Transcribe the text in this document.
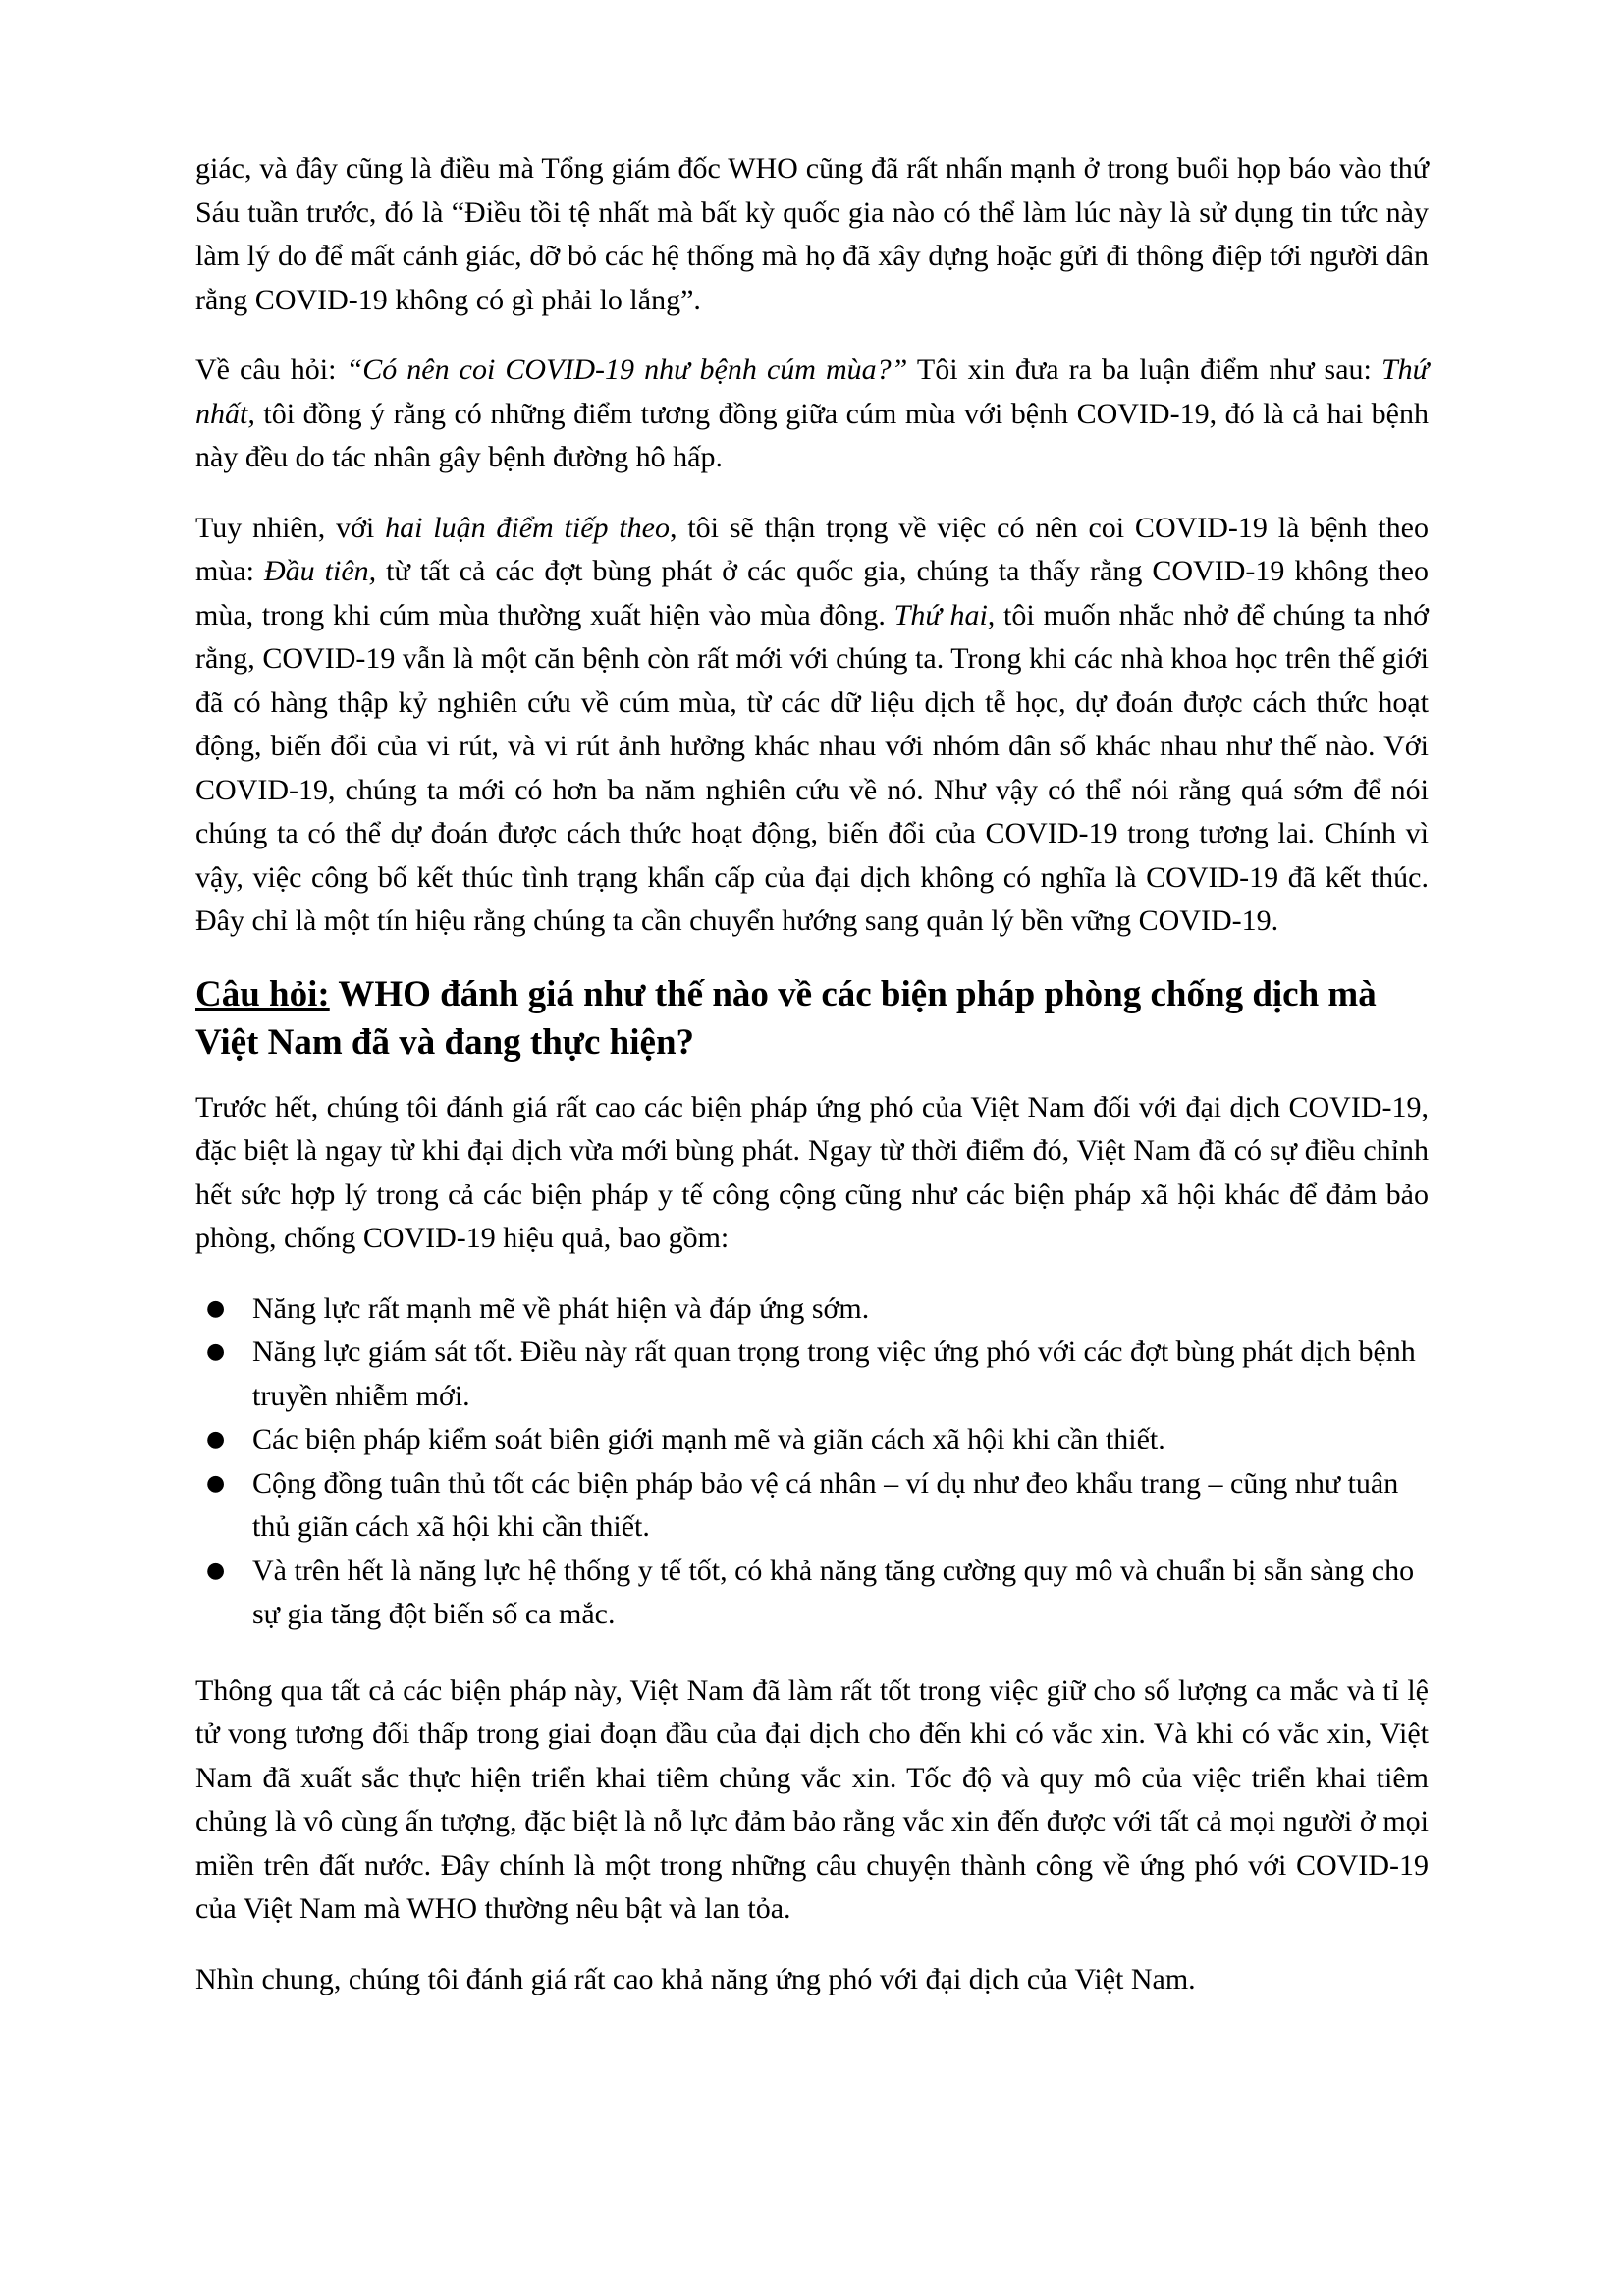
giác, và đây cũng là điều mà Tổng giám đốc WHO cũng đã rất nhấn mạnh ở trong buổi họp báo vào thứ Sáu tuần trước, đó là “Điều tồi tệ nhất mà bất kỳ quốc gia nào có thể làm lúc này là sử dụng tin tức này làm lý do để mất cảnh giác, dỡ bỏ các hệ thống mà họ đã xây dựng hoặc gửi đi thông điệp tới người dân rằng COVID-19 không có gì phải lo lắng”.

Về câu hỏi: “Có nên coi COVID-19 như bệnh cúm mùa?” Tôi xin đưa ra ba luận điểm như sau: Thứ nhất, tôi đồng ý rằng có những điểm tương đồng giữa cúm mùa với bệnh COVID-19, đó là cả hai bệnh này đều do tác nhân gây bệnh đường hô hấp.

Tuy nhiên, với hai luận điểm tiếp theo, tôi sẽ thận trọng về việc có nên coi COVID-19 là bệnh theo mùa: Đầu tiên, từ tất cả các đợt bùng phát ở các quốc gia, chúng ta thấy rằng COVID-19 không theo mùa, trong khi cúm mùa thường xuất hiện vào mùa đông. Thứ hai, tôi muốn nhắc nhở để chúng ta nhớ rằng, COVID-19 vẫn là một căn bệnh còn rất mới với chúng ta. Trong khi các nhà khoa học trên thế giới đã có hàng thập kỷ nghiên cứu về cúm mùa, từ các dữ liệu dịch tễ học, dự đoán được cách thức hoạt động, biến đổi của vi rút, và vi rút ảnh hưởng khác nhau với nhóm dân số khác nhau như thế nào. Với COVID-19, chúng ta mới có hơn ba năm nghiên cứu về nó. Như vậy có thể nói rằng quá sớm để nói chúng ta có thể dự đoán được cách thức hoạt động, biến đổi của COVID-19 trong tương lai. Chính vì vậy, việc công bố kết thúc tình trạng khẩn cấp của đại dịch không có nghĩa là COVID-19 đã kết thúc. Đây chỉ là một tín hiệu rằng chúng ta cần chuyển hướng sang quản lý bền vững COVID-19.

Câu hỏi: WHO đánh giá như thế nào về các biện pháp phòng chống dịch mà Việt Nam đã và đang thực hiện?

Trước hết, chúng tôi đánh giá rất cao các biện pháp ứng phó của Việt Nam đối với đại dịch COVID-19, đặc biệt là ngay từ khi đại dịch vừa mới bùng phát. Ngay từ thời điểm đó, Việt Nam đã có sự điều chỉnh hết sức hợp lý trong cả các biện pháp y tế công cộng cũng như các biện pháp xã hội khác để đảm bảo phòng, chống COVID-19 hiệu quả, bao gồm:

● Năng lực rất mạnh mẽ về phát hiện và đáp ứng sớm.
● Năng lực giám sát tốt. Điều này rất quan trọng trong việc ứng phó với các đợt bùng phát dịch bệnh truyền nhiễm mới.
● Các biện pháp kiểm soát biên giới mạnh mẽ và giãn cách xã hội khi cần thiết.
● Cộng đồng tuân thủ tốt các biện pháp bảo vệ cá nhân – ví dụ như đeo khẩu trang – cũng như tuân thủ giãn cách xã hội khi cần thiết.
● Và trên hết là năng lực hệ thống y tế tốt, có khả năng tăng cường quy mô và chuẩn bị sẵn sàng cho sự gia tăng đột biến số ca mắc.

Thông qua tất cả các biện pháp này, Việt Nam đã làm rất tốt trong việc giữ cho số lượng ca mắc và tỉ lệ tử vong tương đối thấp trong giai đoạn đầu của đại dịch cho đến khi có vắc xin. Và khi có vắc xin, Việt Nam đã xuất sắc thực hiện triển khai tiêm chủng vắc xin. Tốc độ và quy mô của việc triển khai tiêm chủng là vô cùng ấn tượng, đặc biệt là nỗ lực đảm bảo rằng vắc xin đến được với tất cả mọi người ở mọi miền trên đất nước. Đây chính là một trong những câu chuyện thành công về ứng phó với COVID-19 của Việt Nam mà WHO thường nêu bật và lan tỏa.

Nhìn chung, chúng tôi đánh giá rất cao khả năng ứng phó với đại dịch của Việt Nam.
